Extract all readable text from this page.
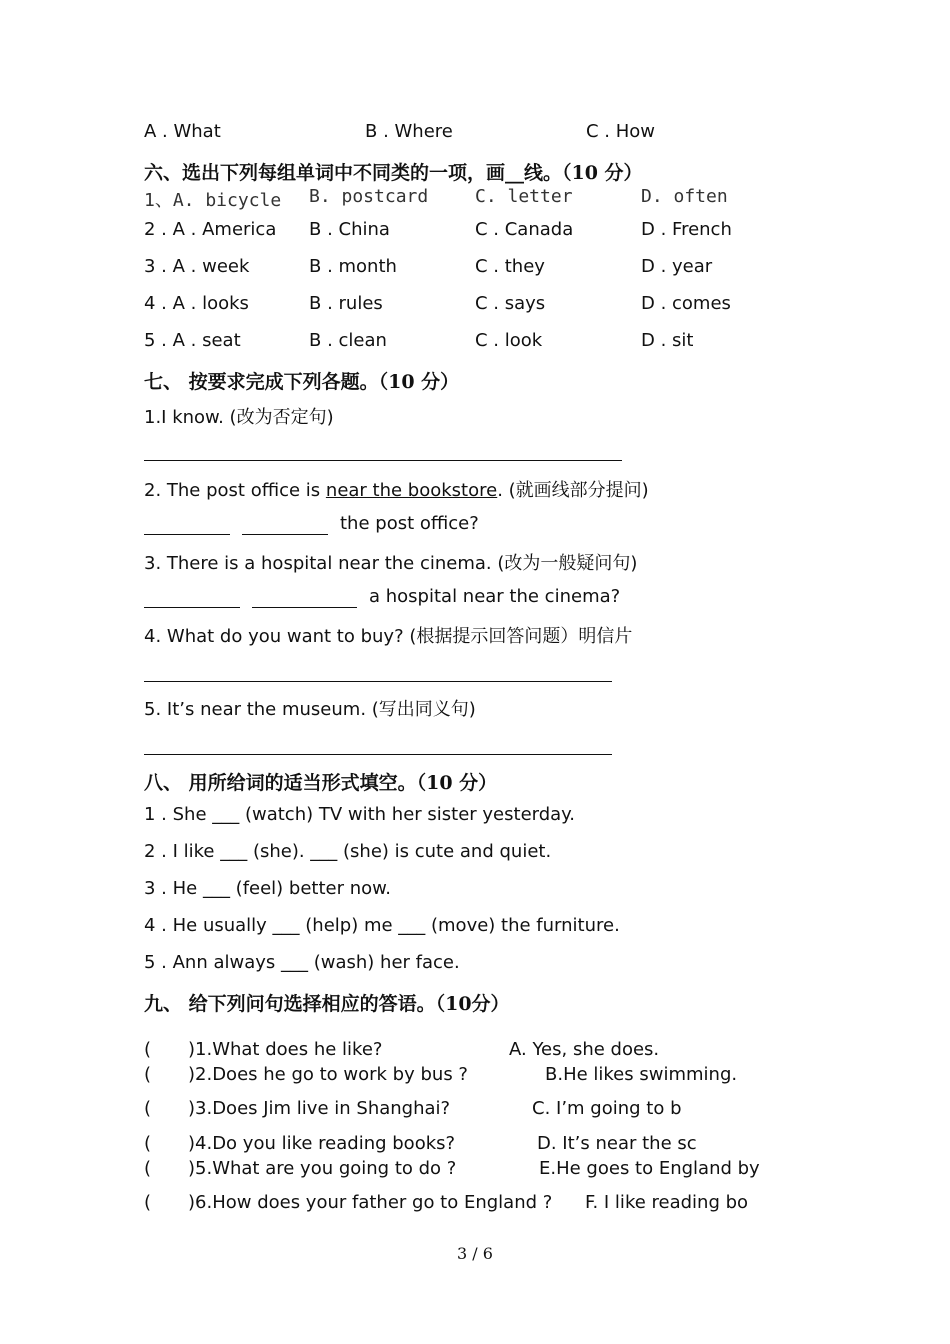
A . What	B . Where	C . How
六、选出下列每组单词中不同类的一项，画__线。（10 分）
1、A. bicycle B. postcard	C. letter	D. often
2 . A . America B . China	C . Canada	D . French
3 . A . week	B . month	C . they	D . year
4 . A . looks	B . rules	C . says	D . comes
5 . A . seat	B . clean	C . look	D . sit
七、 按要求完成下列各题。（10 分）
1.I know. (改为否定句)
2. The post office is near the bookstore. (就画线部分提问)
the post office?
3. There is a hospital near the cinema. (改为一般疑问句)
a hospital near the cinema?
4. What do you want to buy? (根据提示回答问题）明信片
5. It’s near the museum. (写出同义句)
八、 用所给词的适当形式填空。（10 分）
1 . She ___ (watch) TV with her sister yesterday.
2 . I like ___ (she). ___ (she) is cute and quiet.
3 . He ___ (feel) better now.
4 . He usually ___ (help) me ___ (move) the furniture.
5 . Ann always ___ (wash) her face.
九、 给下列问句选择相应的答语。（10分）
( )1.What does he like?	A. Yes, she does.
( )2.Does he go to work by bus ?	B.He likes swimming.
( )3.Does Jim live in Shanghai?	C. I’m going to b
( )4.Do you like reading books?	D. It’s near the sc
( )5.What are you going to do ?	E.He goes to England by
( )6.How does your father go to England ? F. I like reading bo
3 / 6
